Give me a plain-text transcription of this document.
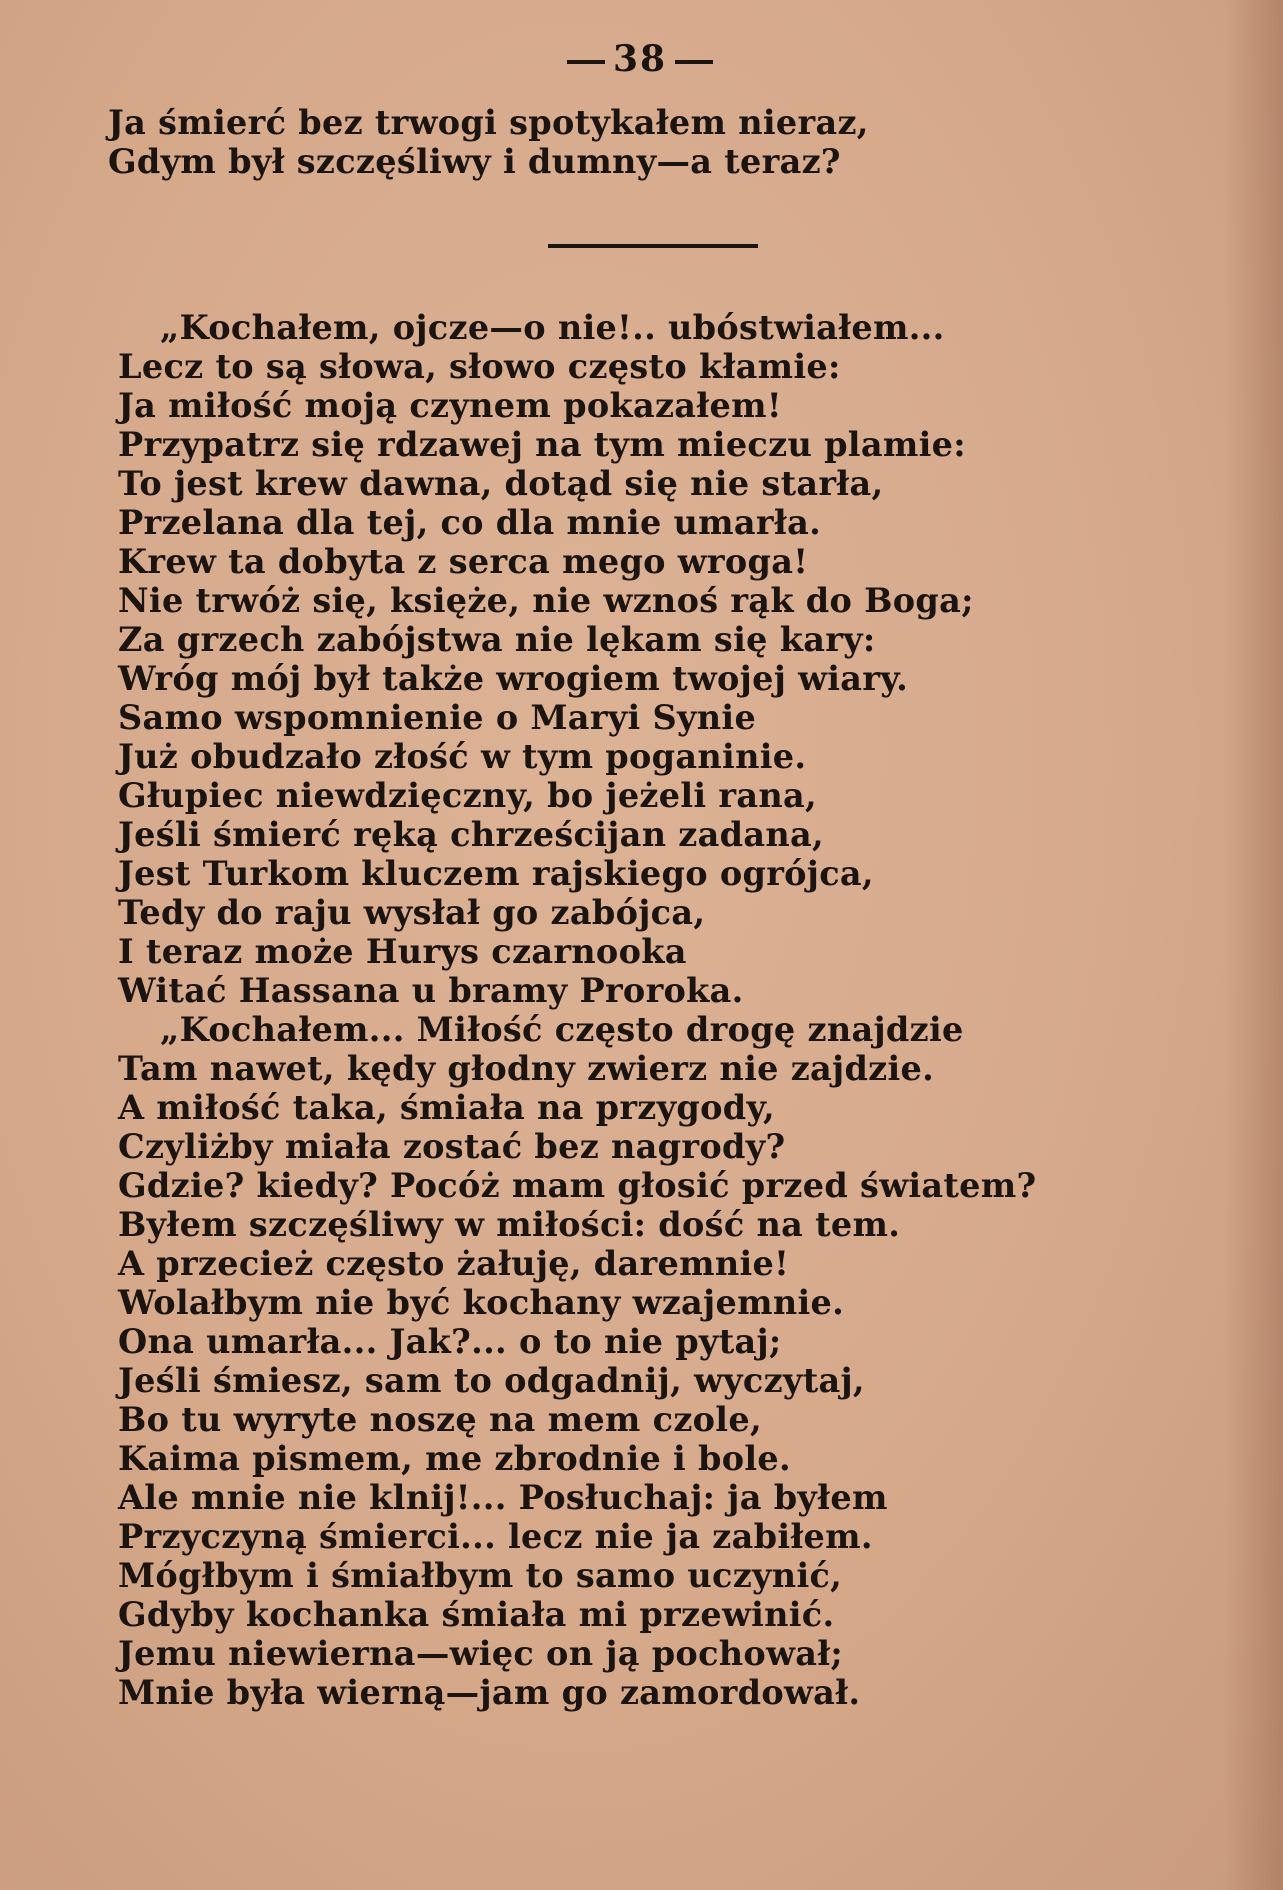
38
Ja śmierć bez trwogi spotykałem nieraz,
Gdym był szczęśliwy i dumny—a teraz?
„Kochałem, ojcze—o nie!.. ubóstwiałem...
Lecz to są słowa, słowo często kłamie:
Ja miłość moją czynem pokazałem!
Przypatrz się rdzawej na tym mieczu plamie:
To jest krew dawna, dotąd się nie starła,
Przelana dla tej, co dla mnie umarła.
Krew ta dobyta z serca mego wroga!
Nie trwóż się, księże, nie wznoś rąk do Boga;
Za grzech zabójstwa nie lękam się kary:
Wróg mój był także wrogiem twojej wiary.
Samo wspomnienie o Maryi Synie
Już obudzało złość w tym poganinie.
Głupiec niewdzięczny, bo jeżeli rana,
Jeśli śmierć ręką chrześcijan zadana,
Jest Turkom kluczem rajskiego ogrójca,
Tedy do raju wysłał go zabójca,
I teraz może Hurys czarnooka
Witać Hassana u bramy Proroka.
„Kochałem... Miłość często drogę znajdzie
Tam nawet, kędy głodny zwierz nie zajdzie.
A miłość taka, śmiała na przygody,
Czyliżby miała zostać bez nagrody?
Gdzie? kiedy? Pocóż mam głosić przed światem?
Byłem szczęśliwy w miłości: dość na tem.
A przecież często żałuję, daremnie!
Wolałbym nie być kochany wzajemnie.
Ona umarła... Jak?... o to nie pytaj;
Jeśli śmiesz, sam to odgadnij, wyczytaj,
Bo tu wyryte noszę na mem czole,
Kaima pismem, me zbrodnie i bole.
Ale mnie nie klnij!... Posłuchaj: ja byłem
Przyczyną śmierci... lecz nie ja zabiłem.
Mógłbym i śmiałbym to samo uczynić,
Gdyby kochanka śmiała mi przewinić.
Jemu niewierna—więc on ją pochował;
Mnie była wierną—jam go zamordował.
